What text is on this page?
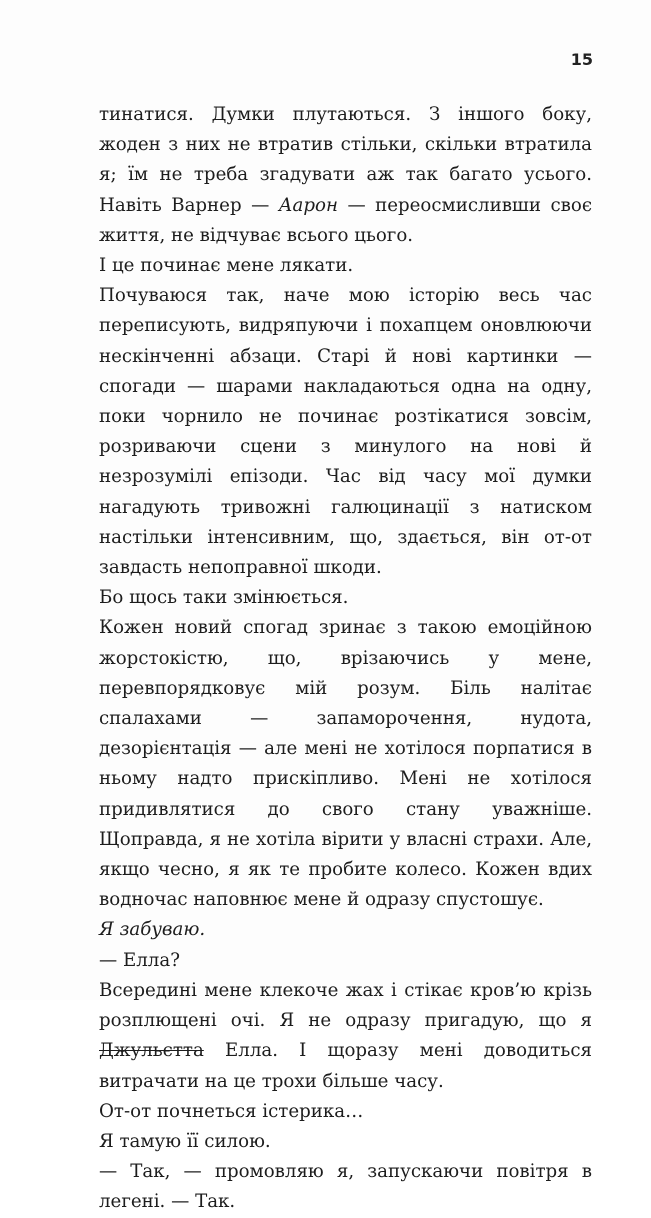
15

тинатися. Думки плутаються. З іншого боку, жоден з них не втратив стільки, скільки втратила я; їм не треба згадувати аж так багато усього. Навіть Варнер — Аарон — переосмисливши своє життя, не відчуває всього цього.

І це починає мене лякати.

Почуваюся так, наче мою історію весь час переписують, видряпуючи і похапцем оновлюючи нескінченні абзаци. Старі й нові картинки — спогади — шарами накладаються одна на одну, поки чорнило не починає розтікатися зовсім, розриваючи сцени з минулого на нові й незрозумілі епізоди. Час від часу мої думки нагадують тривожні галюцинації з натиском настільки інтенсивним, що, здається, він от-от завдасть непоправної шкоди.

Бо щось таки змінюється.

Кожен новий спогад зринає з такою емоційною жорстокістю, що, врізаючись у мене, перевпорядковує мій розум. Біль налітає спалахами — запаморочення, нудота, дезорієнтація — але мені не хотілося порпатися в ньому надто прискіпливо. Мені не хотілося придивлятися до свого стану уважніше. Щоправда, я не хотіла вірити у власні страхи. Але, якщо чесно, я як те пробите колесо. Кожен вдих водночас наповнює мене й одразу спустошує.

Я забуваю.

— Елла?

Всередині мене клекоче жах і стікає кров’ю крізь розплющені очі. Я не одразу пригадую, що я Джульєтта Елла. І щоразу мені доводиться витрачати на це трохи більше часу.

От-от почнеться істерика…

Я тамую її силою.

— Так, — промовляю я, запускаючи повітря в легені. — Так.
